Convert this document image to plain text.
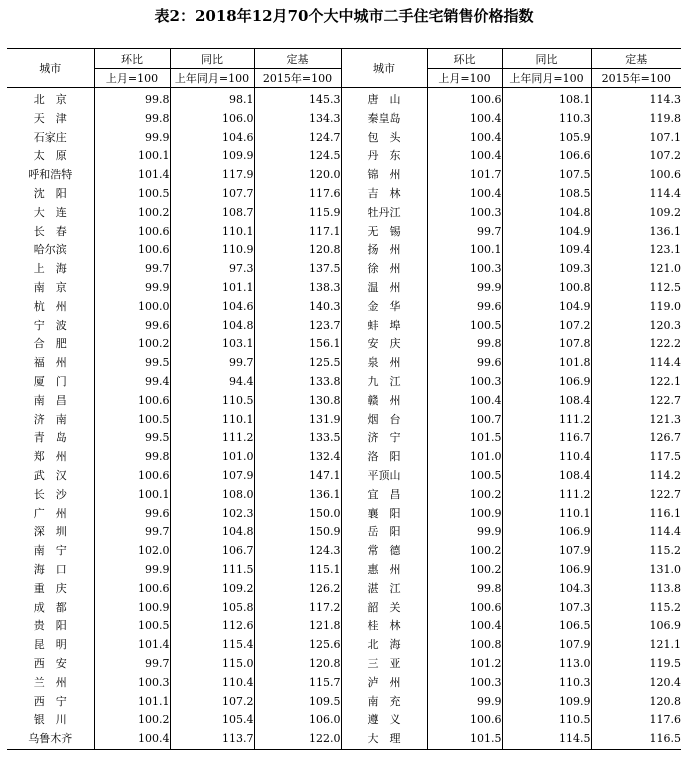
表2：2018年12月70个大中城市二手住宅销售价格指数
城市	环比	同比	定基	城市	环比	同比	定基
	上月=100	上年同月=100	2015年=100		上月=100	上年同月=100	2015年=100
北　京	99.8	98.1	145.3	唐　山	100.6	108.1	114.3
天　津	99.8	106.0	134.3	秦皇岛	100.4	110.3	119.8
石家庄	99.9	104.6	124.7	包　头	100.4	105.9	107.1
太　原	100.1	109.9	124.5	丹　东	100.4	106.6	107.2
呼和浩特	101.4	117.9	120.0	锦　州	101.7	107.5	100.6
沈　阳	100.5	107.7	117.6	吉　林	100.4	108.5	114.4
大　连	100.2	108.7	115.9	牡丹江	100.3	104.8	109.2
长　春	100.6	110.1	117.1	无　锡	99.7	104.9	136.1
哈尔滨	100.6	110.9	120.8	扬　州	100.1	109.4	123.1
上　海	99.7	97.3	137.5	徐　州	100.3	109.3	121.0
南　京	99.9	101.1	138.3	温　州	99.9	100.8	112.5
杭　州	100.0	104.6	140.3	金　华	99.6	104.9	119.0
宁　波	99.6	104.8	123.7	蚌　埠	100.5	107.2	120.3
合　肥	100.2	103.1	156.1	安　庆	99.8	107.8	122.2
福　州	99.5	99.7	125.5	泉　州	99.6	101.8	114.4
厦　门	99.4	94.4	133.8	九　江	100.3	106.9	122.1
南　昌	100.6	110.5	130.8	赣　州	100.4	108.4	122.7
济　南	100.5	110.1	131.9	烟　台	100.7	111.2	121.3
青　岛	99.5	111.2	133.5	济　宁	101.5	116.7	126.7
郑　州	99.8	101.0	132.4	洛　阳	101.0	110.4	117.5
武　汉	100.6	107.9	147.1	平顶山	100.5	108.4	114.2
长　沙	100.1	108.0	136.1	宜　昌	100.2	111.2	122.7
广　州	99.6	102.3	150.0	襄　阳	100.9	110.1	116.1
深　圳	99.7	104.8	150.9	岳　阳	99.9	106.9	114.4
南　宁	102.0	106.7	124.3	常　德	100.2	107.9	115.2
海　口	99.9	111.5	115.1	惠　州	100.2	106.9	131.0
重　庆	100.6	109.2	126.2	湛　江	99.8	104.3	113.8
成　都	100.9	105.8	117.2	韶　关	100.6	107.3	115.2
贵　阳	100.5	112.6	121.8	桂　林	100.4	106.5	106.9
昆　明	101.4	115.4	125.6	北　海	100.8	107.9	121.1
西　安	99.7	115.0	120.8	三　亚	101.2	113.0	119.5
兰　州	100.3	110.4	115.7	泸　州	100.3	110.3	120.4
西　宁	101.1	107.2	109.5	南　充	99.9	109.9	120.8
银　川	100.2	105.4	106.0	遵　义	100.6	110.5	117.6
乌鲁木齐	100.4	113.7	122.0	大　理	101.5	114.5	116.5
